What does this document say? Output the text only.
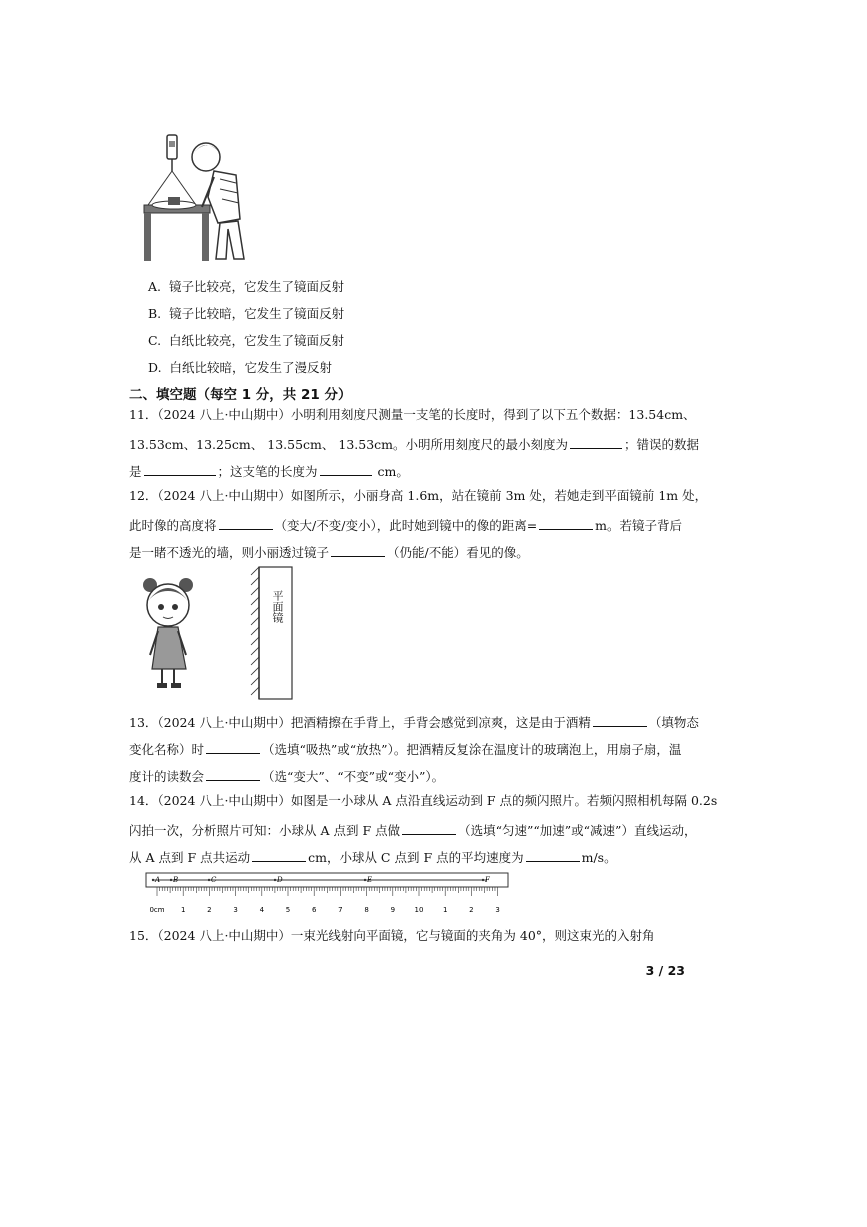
A. 镜子比较亮，它发生了镜面反射
B. 镜子比较暗，它发生了镜面反射
C. 白纸比较亮，它发生了镜面反射
D. 白纸比较暗，它发生了漫反射
二、填空题（每空 1 分，共 21 分）
11．（2024 八上·中山期中）小明利用刻度尺测量一支笔的长度时，得到了以下五个数据：13.54cm、
13.53cm、13.25cm、 13.55cm、 13.53cm。小明所用刻度尺的最小刻度为	；错误的数据
是	；这支笔的长度为	cm。
12．（2024 八上·中山期中）如图所示，小丽身高 1.6m，站在镜前 3m 处，若她走到平面镜前 1m 处，
此时像的高度将	（变大/不变/变小），此时她到镜中的像的距离=	m。若镜子背后
是一睹不透光的墙，则小丽透过镜子	（仍能/不能）看见的像。
平面镜
13．（2024 八上·中山期中）把酒精擦在手背上，手背会感觉到凉爽，这是由于酒精	（填物态
变化名称）时	（选填“吸热”或“放热”）。把酒精反复涂在温度计的玻璃泡上，用扇子扇，温
度计的读数会	（选“变大”、“不变”或“变小”）。
14．（2024 八上·中山期中）如图是一小球从 A 点沿直线运动到 F 点的频闪照片。若频闪照相机每隔 0.2s
闪拍一次，分析照片可知：小球从 A 点到 F 点做	（选填“匀速”“加速”或“减速”）直线运动，
从 A 点到 F 点共运动	cm，小球从 C 点到 F 点的平均速度为	m/s。
A B	C	D	E	F
0cm 1	2	3	4	5	6	7	8	9	10	1	2	3
15．（2024 八上·中山期中）一束光线射向平面镜，它与镜面的夹角为 40°，则这束光的入射角
3 / 23
